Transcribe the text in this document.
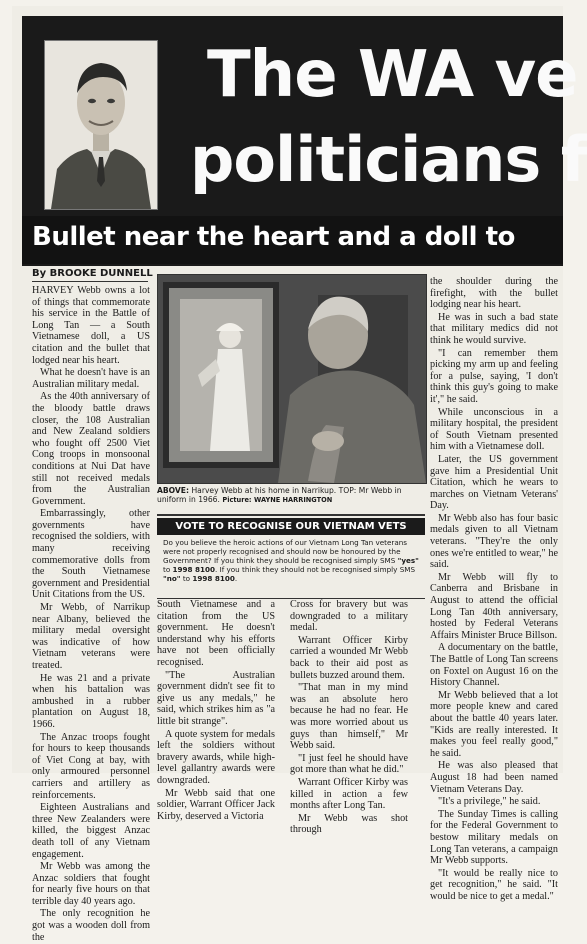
The WA ve
politicians f
Bullet near the heart and a doll to
By BROOKE DUNNELL

HARVEY Webb owns a lot of things that commemorate his service in the Battle of Long Tan — a South Vietnamese doll, a US citation and the bullet that lodged near his heart.

What he doesn't have is an Australian military medal.

As the 40th anniversary of the bloody battle draws closer, the 108 Australian and New Zealand soldiers who fought off 2500 Viet Cong troops in monsoonal conditions at Nui Dat have still not received medals from the Australian Government.

Embarrassingly, other governments have recognised the soldiers, with many receiving commemorative dolls from the South Vietnamese government and Presidential Unit Citations from the US.

Mr Webb, of Narrikup near Albany, believed the military medal oversight was indicative of how Vietnam veterans were treated.

He was 21 and a private when his battalion was ambushed in a rubber plantation on August 18, 1966.

The Anzac troops fought for hours to keep thousands of Viet Cong at bay, with only armoured personnel carriers and artillery as reinforcements.

Eighteen Australians and three New Zealanders were killed, the biggest Anzac death toll of any Vietnam engagement.

Mr Webb was among the Anzac soldiers that fought for nearly five hours on that terrible day 40 years ago.

The only recognition he got was a wooden doll from the

ABOVE: Harvey Webb at his home in Narrikup. TOP: Mr Webb in uniform in 1966. Picture: WAYNE HARRINGTON
VOTE TO RECOGNISE OUR VIETNAM VETS
Do you believe the heroic actions of our Vietnam Long Tan veterans were not properly recognised and should now be honoured by the Government? If you think they should be recognised simply SMS "yes" to 1998 8100. If you think they should not be recognised simply SMS "no" to 1998 8100.

South Vietnamese and a citation from the US government. He doesn't understand why his efforts have not been officially recognised.

"The Australian government didn't see fit to give us any medals," he said, which strikes him as "a little bit strange".

A quote system for medals left the soldiers without bravery awards, while high-level gallantry awards were downgraded.

Mr Webb said that one soldier, Warrant Officer Jack Kirby, deserved a Victoria

Cross for bravery but was downgraded to a military medal.

Warrant Officer Kirby carried a wounded Mr Webb back to their aid post as bullets buzzed around them.

"That man in my mind was an absolute hero because he had no fear. He was more worried about us guys than himself," Mr Webb said.

"I just feel he should have got more than what he did."

Warrant Officer Kirby was killed in action a few months after Long Tan.

Mr Webb was shot through

the shoulder during the firefight, with the bullet lodging near his heart.

He was in such a bad state that military medics did not think he would survive.

"I can remember them picking my arm up and feeling for a pulse, saying, 'I don't think this guy's going to make it'," he said.

While unconscious in a military hospital, the president of South Vietnam presented him with a Vietnamese doll.

Later, the US government gave him a Presidential Unit Citation, which he wears to marches on Vietnam Veterans' Day.

Mr Webb also has four basic medals given to all Vietnam veterans. "They're the only ones we're entitled to wear," he said.

Mr Webb will fly to Canberra and Brisbane in August to attend the official Long Tan 40th anniversary, hosted by Federal Veterans Affairs Minister Bruce Billson.

A documentary on the battle, The Battle of Long Tan screens on Foxtel on August 16 on the History Channel.

Mr Webb believed that a lot more people knew and cared about the battle 40 years later. "Kids are really interested. It makes you feel really good," he said.

He was also pleased that August 18 had been named Vietnam Veterans Day.

"It's a privilege," he said.

The Sunday Times is calling for the Federal Government to bestow military medals on Long Tan veterans, a campaign Mr Webb supports.

"It would be really nice to get recognition," he said. "It would be nice to get a medal."
